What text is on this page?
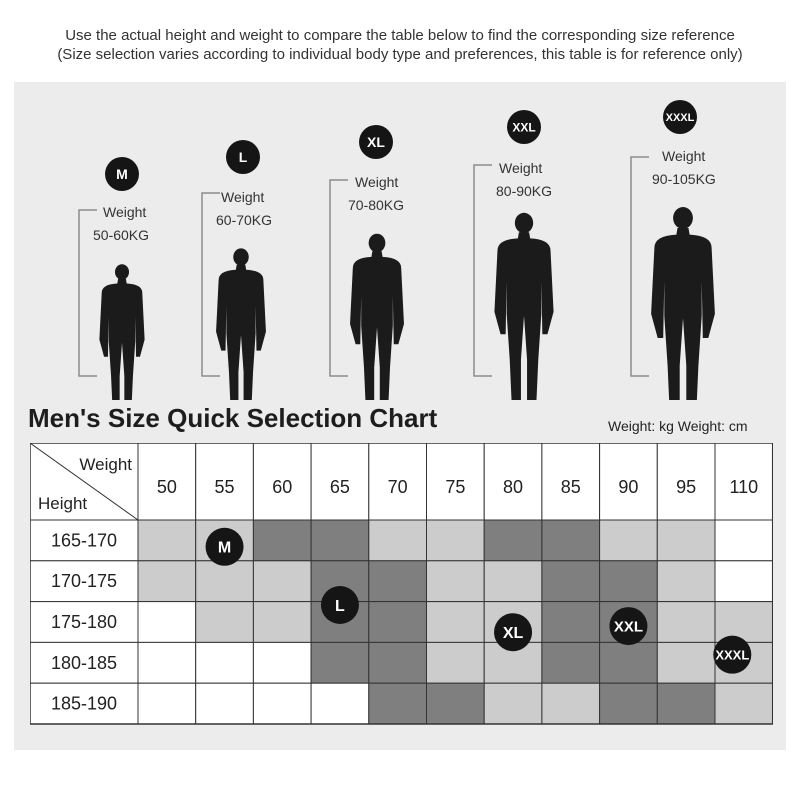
Use the actual height and weight to compare the table below to find the corresponding size reference
(Size selection varies according to individual body type and preferences, this table is for reference only)
M
Weight
50-60KG
L
Weight
60-70KG
XL
Weight
70-80KG
XXL
Weight
80-90KG
XXXL
Weight
90-105KG
Men's Size Quick Selection Chart	Weight: kg Weight: cm
Weight
Height
50 55 60 65 70 75 80 85 90 95 110
165-170
170-175
175-180
180-185
185-190
M
L
XL	XXL
XXXL
